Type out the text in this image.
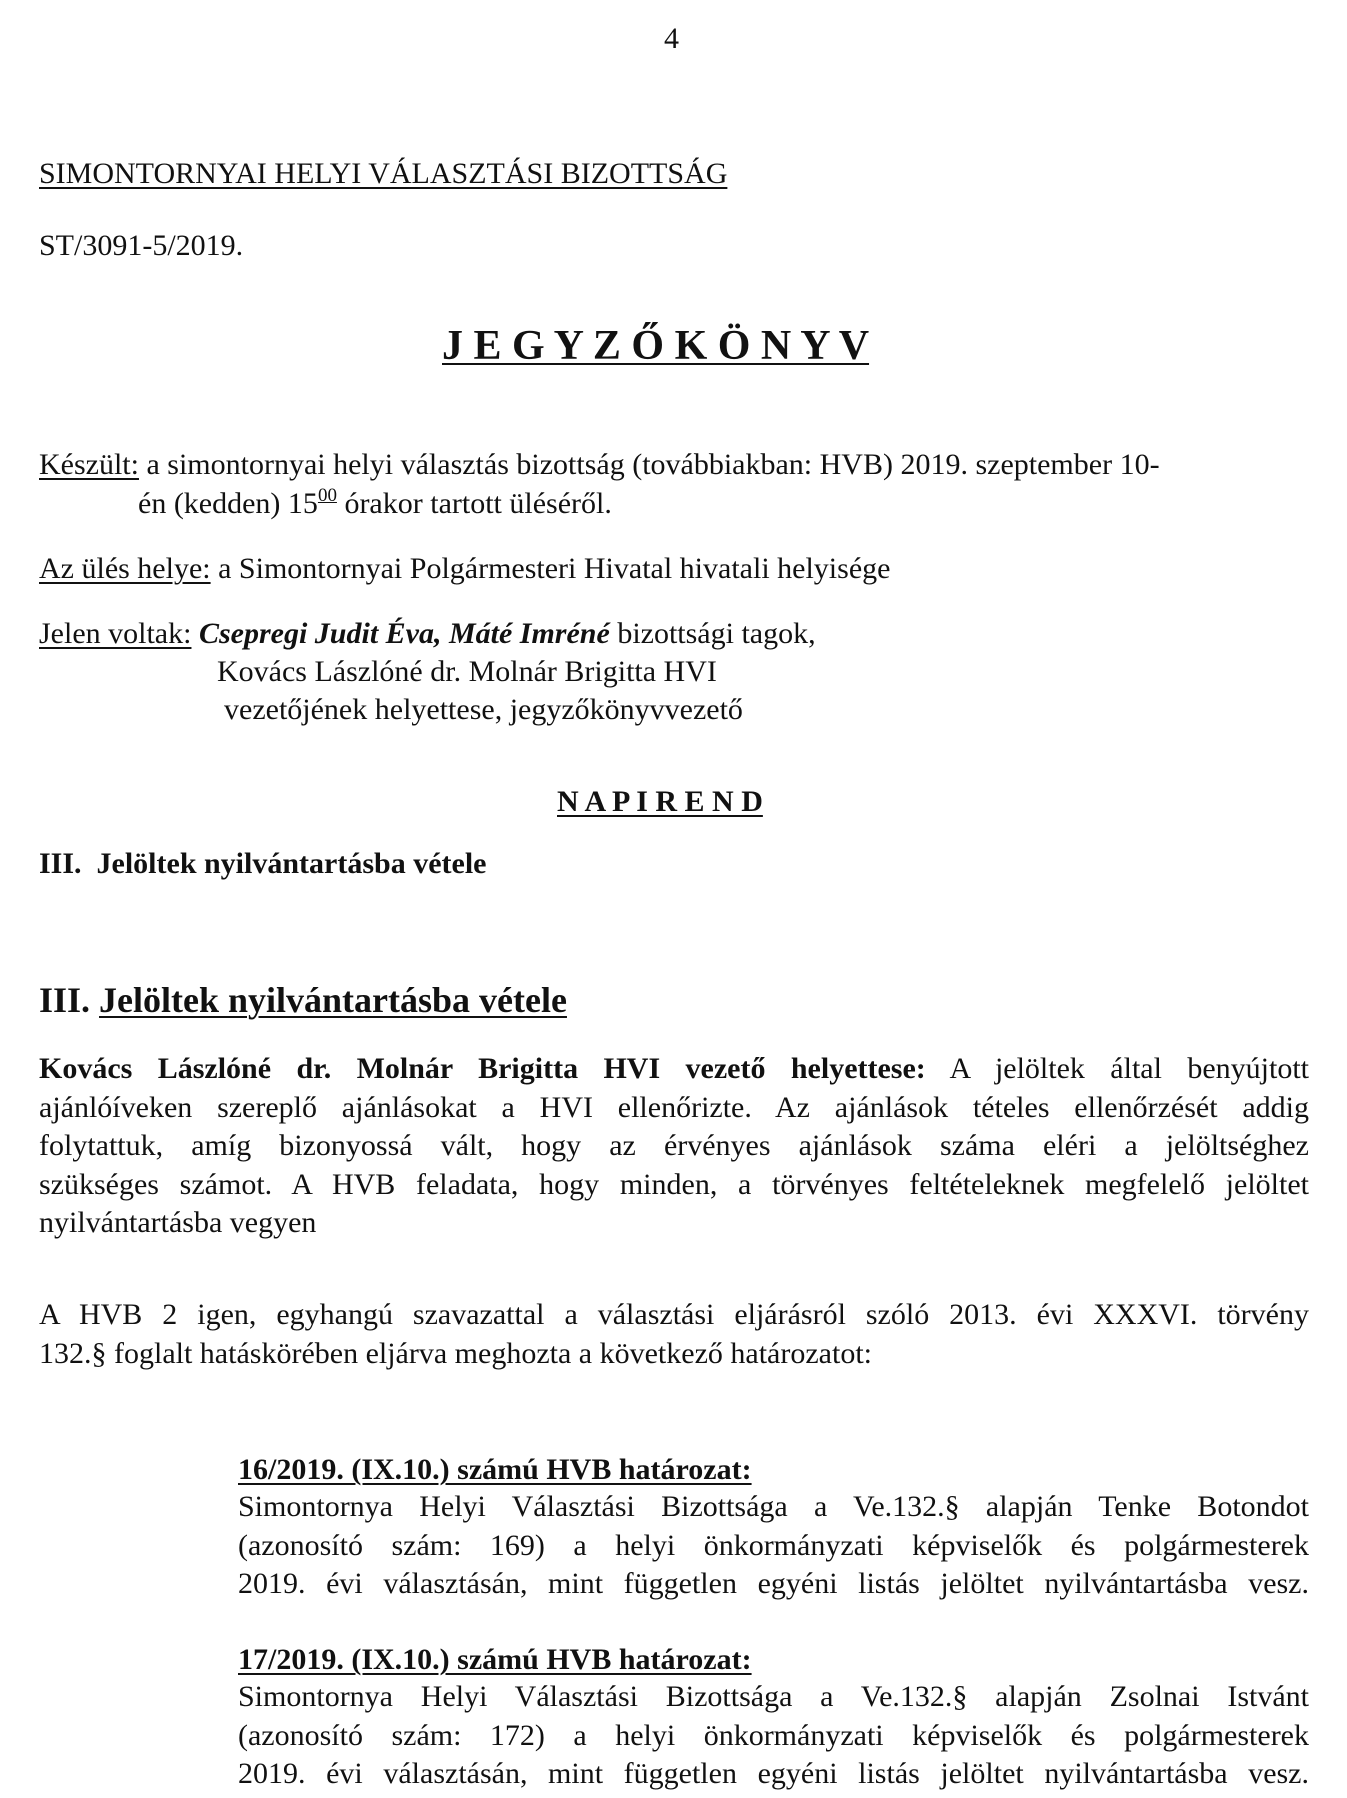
4
SIMONTORNYAI HELYI VÁLASZTÁSI BIZOTTSÁG
ST/3091-5/2019.
J E G Y Z Ő K Ö N Y V
Készült: a simontornyai helyi választás bizottság (továbbiakban: HVB) 2019. szeptember 10-
én (kedden) $15^{00}$ órakor tartott üléséről.
Az ülés helye: a Simontornyai Polgármesteri Hivatal hivatali helyisége
Jelen voltak: Csepregi Judit Éva, Máté Imréné bizottsági tagok,
Kovács Lászlóné dr. Molnár Brigitta HVI
vezetőjének helyettese, jegyzőkönyvvezető
N A P I R E N D
III.  Jelöltek nyilvántartásba vétele
III. Jelöltek nyilvántartásba vétele
Kovács Lászlóné dr. Molnár Brigitta HVI vezető helyettese: A jelöltek által benyújtott
ajánlóíveken szereplő ajánlásokat a HVI ellenőrizte. Az ajánlások tételes ellenőrzését addig
folytattuk, amíg bizonyossá vált, hogy az érvényes ajánlások száma eléri a jelöltséghez
szükséges számot. A HVB feladata, hogy minden, a törvényes feltételeknek megfelelő jelöltet
nyilvántartásba vegyen
A HVB 2 igen, egyhangú szavazattal a választási eljárásról szóló 2013. évi XXXVI. törvény
132.§ foglalt hatáskörében eljárva meghozta a következő határozatot:
16/2019. (IX.10.) számú HVB határozat:
Simontornya Helyi Választási Bizottsága a Ve.132.§ alapján Tenke Botondot
(azonosító szám: 169) a helyi önkormányzati képviselők és polgármesterek
2019. évi választásán, mint független egyéni listás jelöltet nyilvántartásba vesz.
17/2019. (IX.10.) számú HVB határozat:
Simontornya Helyi Választási Bizottsága a Ve.132.§ alapján Zsolnai Istvánt
(azonosító szám: 172) a helyi önkormányzati képviselők és polgármesterek
2019. évi választásán, mint független egyéni listás jelöltet nyilvántartásba vesz.
